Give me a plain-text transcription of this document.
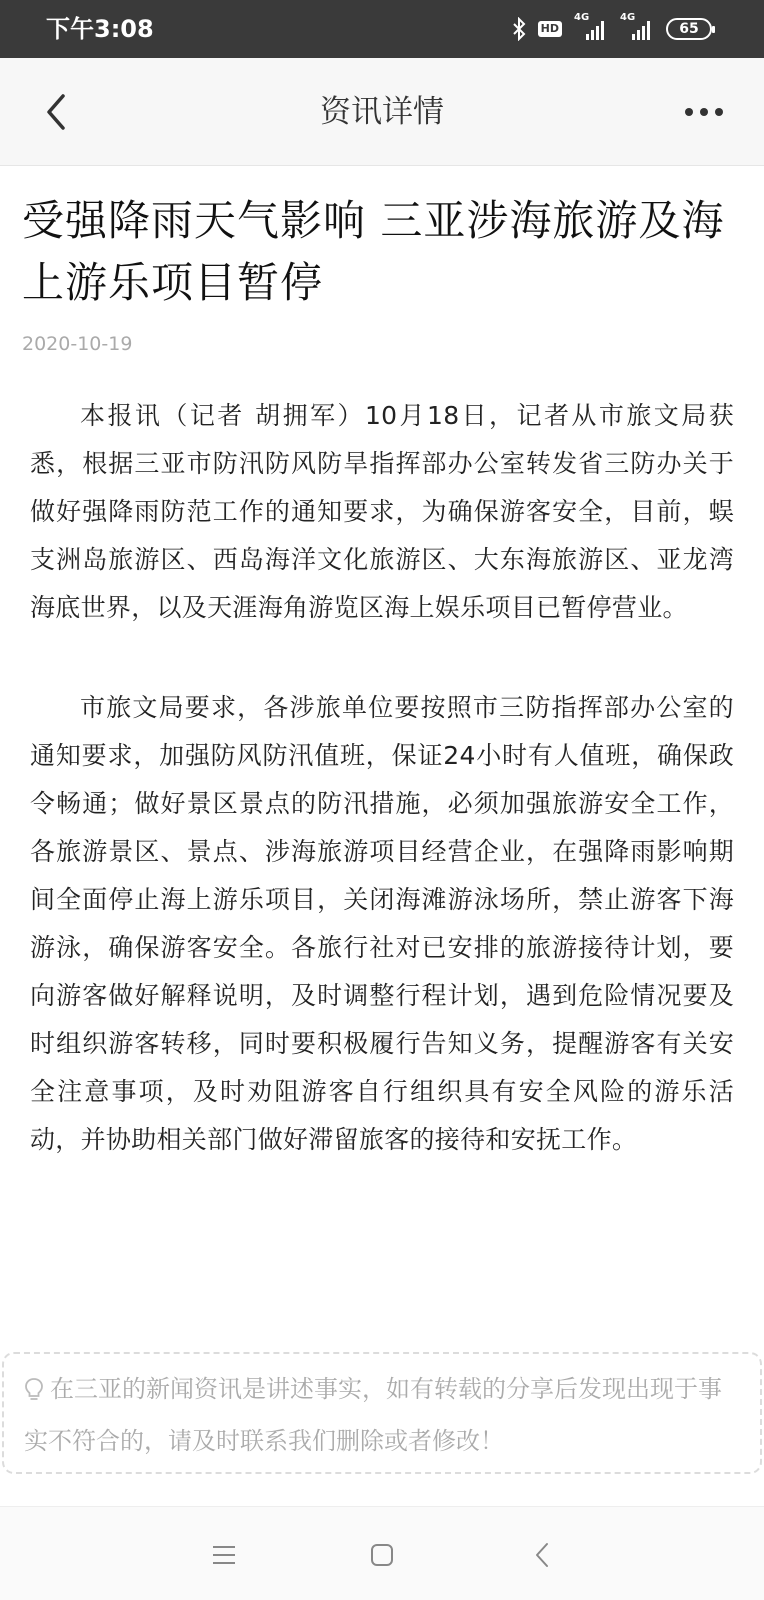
下午3:08	HD
4G	4G
65
资讯详情
受强降雨天气影响 三亚涉海旅游及海上游乐项目暂停
2020-10-19

本报讯（记者 胡拥军）10月18日，记者从市旅文局获悉，根据三亚市防汛防风防旱指挥部办公室转发省三防办关于做好强降雨防范工作的通知要求，为确保游客安全，目前，蜈支洲岛旅游区、西岛海洋文化旅游区、大东海旅游区、亚龙湾海底世界，以及天涯海角游览区海上娱乐项目已暂停营业。

市旅文局要求，各涉旅单位要按照市三防指挥部办公室的通知要求，加强防风防汛值班，保证24小时有人值班，确保政令畅通；做好景区景点的防汛措施，必须加强旅游安全工作，各旅游景区、景点、涉海旅游项目经营企业，在强降雨影响期间全面停止海上游乐项目，关闭海滩游泳场所，禁止游客下海游泳，确保游客安全。各旅行社对已安排的旅游接待计划，要向游客做好解释说明，及时调整行程计划，遇到危险情况要及时组织游客转移，同时要积极履行告知义务，提醒游客有关安全注意事项，及时劝阻游客自行组织具有安全风险的游乐活动，并协助相关部门做好滞留旅客的接待和安抚工作。

在三亚的新闻资讯是讲述事实，如有转载的分享后发现出现于事实不符合的，请及时联系我们删除或者修改！
